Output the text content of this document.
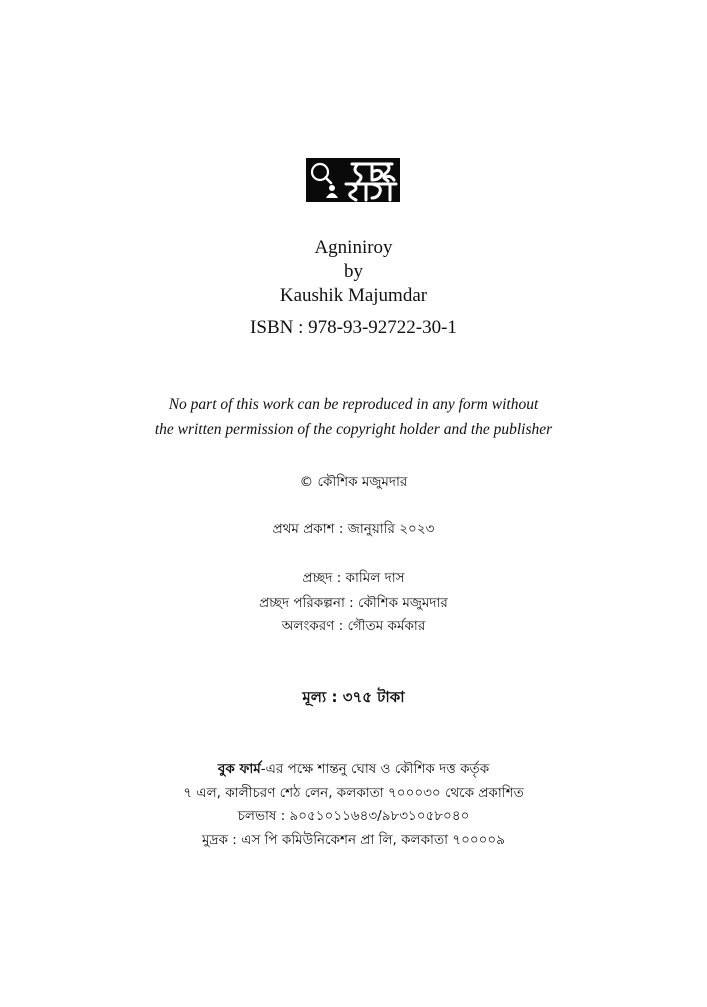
Agniniroy
by
Kaushik Majumdar
ISBN : 978-93-92722-30-1
No part of this work can be reproduced in any form without
the written permission of the copyright holder and the publisher
© কৌশিক মজুমদার
প্রথম প্রকাশ : জানুয়ারি ২০২৩
প্রচ্ছদ : কামিল দাস
প্রচ্ছদ পরিকল্পনা : কৌশিক মজুমদার
অলংকরণ : গৌতম কর্মকার
মূল্য : ৩৭৫ টাকা
বুক ফার্ম-এর পক্ষে শান্তনু ঘোষ ও কৌশিক দত্ত কর্তৃক
৭ এল, কালীচরণ শেঠ লেন, কলকাতা ৭০০০৩০ থেকে প্রকাশিত
চলভাষ : ৯০৫১০১১৬৪৩/৯৮৩১০৫৮০৪০
মুদ্রক : এস পি কমিউনিকেশন প্রা লি, কলকাতা ৭০০০০৯
